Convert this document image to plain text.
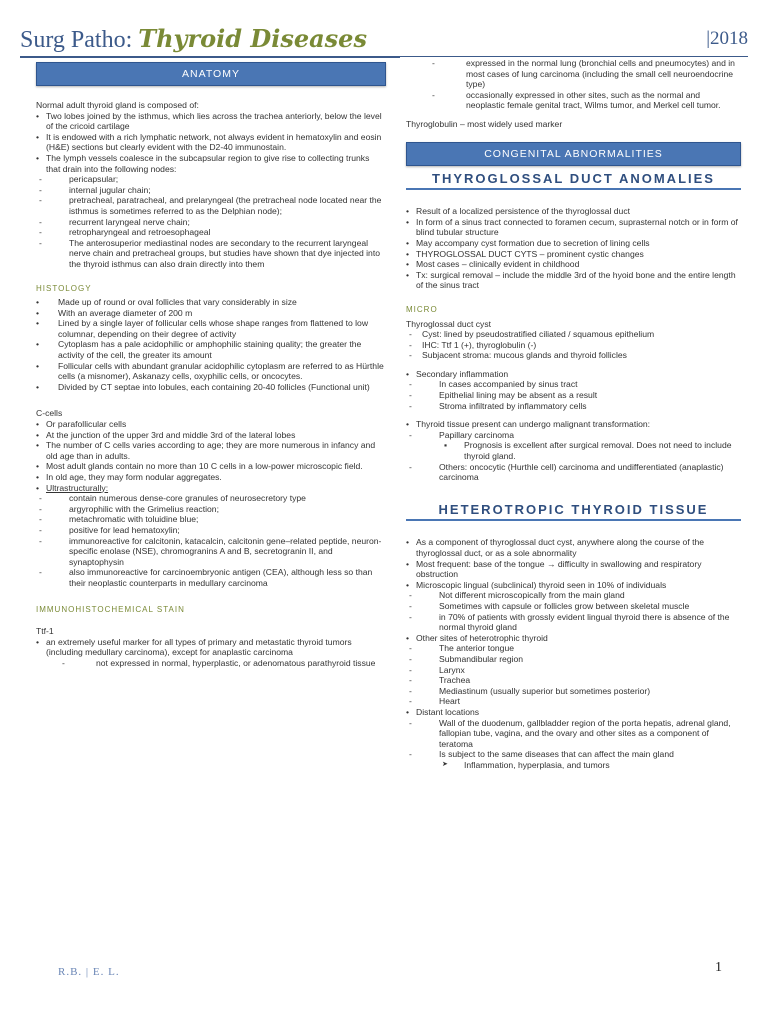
Surg Patho: Thyroid Diseases	|2018
ANATOMY

Normal adult thyroid gland is composed of:

• Two lobes joined by the isthmus, which lies across the trachea anteriorly, below the level of the cricoid cartilage
• It is endowed with a rich lymphatic network, not always evident in hematoxylin and eosin (H&E) sections but clearly evident with the D2-40 immunostain.
• The lymph vessels coalesce in the subcapsular region to give rise to collecting trunks that drain into the following nodes:
- pericapsular;
- internal jugular chain;
- pretracheal, paratracheal, and prelaryngeal (the pretracheal node located near the isthmus is sometimes referred to as the Delphian node);
- recurrent laryngeal nerve chain;
- retropharyngeal and retroesophageal
- The anterosuperior mediastinal nodes are secondary to the recurrent laryngeal nerve chain and pretracheal groups, but studies have shown that dye injected into the thyroid isthmus can also drain directly into them
HISTOLOGY
• Made up of round or oval follicles that vary considerably in size
• With an average diameter of 200 m
• Lined by a single layer of follicular cells whose shape ranges from flattened to low columnar, depending on their degree of activity
• Cytoplasm has a pale acidophilic or amphophilic staining quality; the greater the activity of the cell, the greater its amount
• Follicular cells with abundant granular acidophilic cytoplasm are referred to as Hürthle cells (a misnomer), Askanazy cells, oxyphilic cells, or oncocytes.
• Divided by CT septae into lobules, each containing 20-40 follicles (Functional unit)

C-cells

• Or parafollicular cells
• At the junction of the upper 3rd and middle 3rd of the lateral lobes
• The number of C cells varies according to age; they are more numerous in infancy and old age than in adults.
• Most adult glands contain no more than 10 C cells in a low-power microscopic field.
• In old age, they may form nodular aggregates.
• Ultrastructurally:
- contain numerous dense-core granules of neurosecretory type
- argyrophilic with the Grimelius reaction;
- metachromatic with toluidine blue;
- positive for lead hematoxylin;
- immunoreactive for calcitonin, katacalcin, calcitonin gene–related peptide, neuron-specific enolase (NSE), chromogranins A and B, secretogranin II, and synaptophysin
- also immunoreactive for carcinoembryonic antigen (CEA), although less so than their neoplastic counterparts in medullary carcinoma
IMMUNOHISTOCHEMICAL STAIN

Ttf-1

• an extremely useful marker for all types of primary and metastatic thyroid tumors (including medullary carcinoma), except for anaplastic carcinoma
- not expressed in normal, hyperplastic, or adenomatous parathyroid tissue
- expressed in the normal lung (bronchial cells and pneumocytes) and in most cases of lung carcinoma (including the small cell neuroendocrine type)
- occasionally expressed in other sites, such as the normal and neoplastic female genital tract, Wilms tumor, and Merkel cell tumor.

Thyroglobulin – most widely used marker

CONGENITAL ABNORMALITIES
THYROGLOSSAL DUCT ANOMALIES
• Result of a localized persistence of the thyroglossal duct
• In form of a sinus tract connected to foramen cecum, suprasternal notch or in form of blind tubular structure
• May accompany cyst formation due to secretion of lining cells
• THYROGLOSSAL DUCT CYTS – prominent cystic changes
• Most cases – clinically evident in childhood
• Tx: surgical removal – include the middle 3rd of the hyoid bone and the entire length of the sinus tract
MICRO

Thyroglossal duct cyst

- Cyst: lined by pseudostratified ciliated / squamous epithelium
- IHC: Ttf 1 (+), thyroglobulin (-)
- Subjacent stroma: mucous glands and thyroid follicles
• Secondary inflammation
- In cases accompanied by sinus tract
- Epithelial lining may be absent as a result
- Stroma infiltrated by inflammatory cells
• Thyroid tissue present can undergo malignant transformation:
- Papillary carcinoma
▪ Prognosis is excellent after surgical removal. Does not need to include thyroid gland.
- Others: oncocytic (Hurthle cell) carcinoma and undifferentiated (anaplastic) carcinoma
HETEROTROPIC THYROID TISSUE
• As a component of thyroglossal duct cyst, anywhere along the course of the thyroglossal duct, or as a sole abnormality
• Most frequent: base of the tongue → difficulty in swallowing and respiratory obstruction
• Microscopic lingual (subclinical) thyroid seen in 10% of individuals
- Not different microscopically from the main gland
- Sometimes with capsule or follicles grow between skeletal muscle
- in 70% of patients with grossly evident lingual thyroid there is absence of the normal thyroid gland
• Other sites of heterotrophic thyroid
- The anterior tongue
- Submandibular region
- Larynx
- Trachea
- Mediastinum (usually superior but sometimes posterior)
- Heart
• Distant locations
- Wall of the duodenum, gallbladder region of the porta hepatis, adrenal gland, fallopian tube, vagina, and the ovary and other sites as a component of teratoma
- Is subject to the same diseases that can affect the main gland
➤ Inflammation, hyperplasia, and tumors
R.B. | E. L.	1
